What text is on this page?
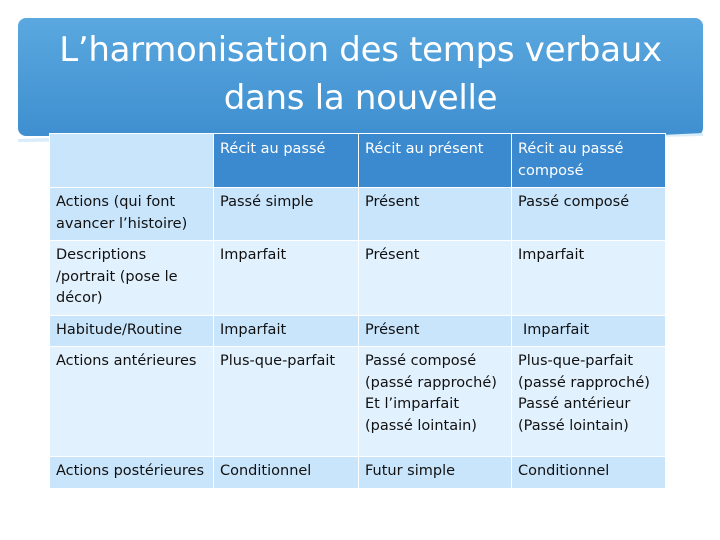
L’harmonisation des temps verbaux
dans la nouvelle
	Récit au passé	Récit au présent	Récit au passé composé
Actions (qui font avancer l’histoire)	Passé simple	Présent	Passé composé
Descriptions /portrait (pose le décor)	Imparfait	Présent	Imparfait
Habitude/Routine	Imparfait	Présent	Imparfait
Actions antérieures	Plus-que-parfait	Passé composé (passé rapproché) Et l’imparfait (passé lointain)	Plus-que-parfait (passé rapproché) Passé antérieur (Passé lointain)
Actions postérieures	Conditionnel	Futur simple	Conditionnel
